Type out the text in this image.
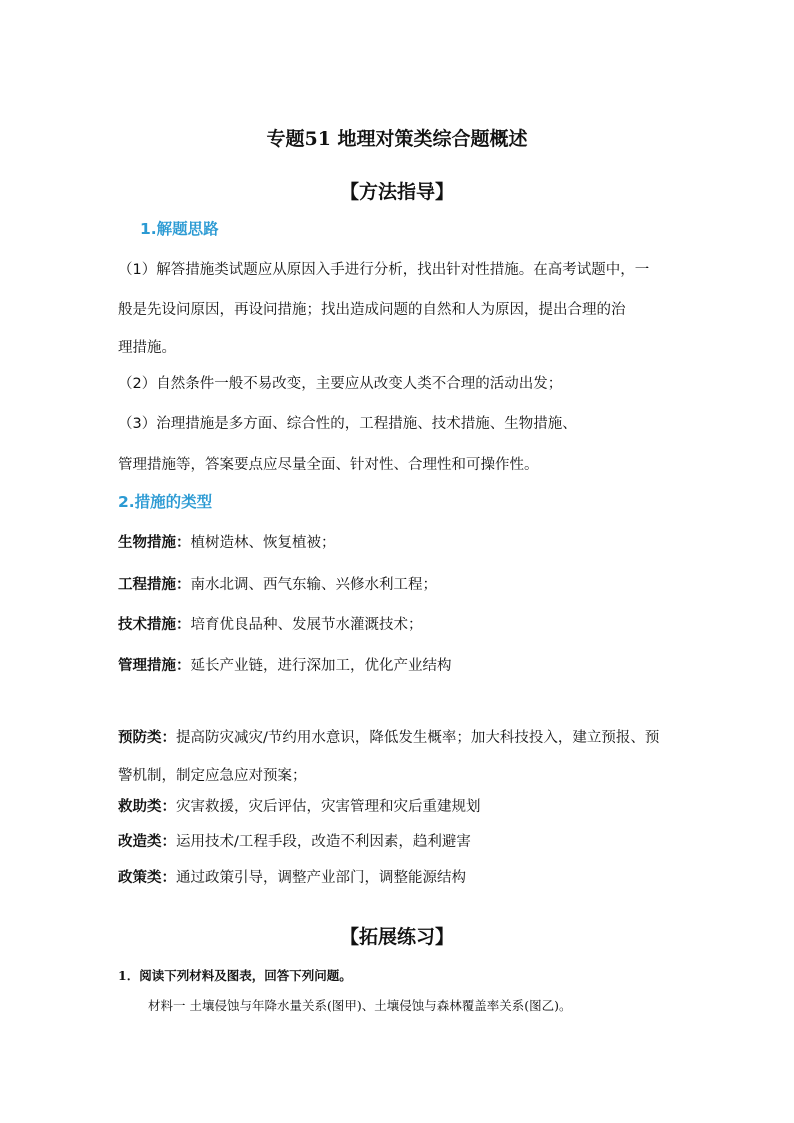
专题51 地理对策类综合题概述
【方法指导】
1.解题思路
（1）解答措施类试题应从原因入手进行分析，找出针对性措施。在高考试题中，一
般是先设问原因，再设问措施；找出造成问题的自然和人为原因，提出合理的治
理措施。
（2）自然条件一般不易改变，主要应从改变人类不合理的活动出发；
（3）治理措施是多方面、综合性的，工程措施、技术措施、生物措施、
管理措施等，答案要点应尽量全面、针对性、合理性和可操作性。
2.措施的类型
生物措施：植树造林、恢复植被；
工程措施：南水北调、西气东输、兴修水利工程；
技术措施：培育优良品种、发展节水灌溉技术；
管理措施：延长产业链，进行深加工，优化产业结构
预防类：提高防灾减灾/节约用水意识，降低发生概率；加大科技投入，建立预报、预
警机制，制定应急应对预案；
救助类：灾害救援，灾后评估，灾害管理和灾后重建规划
改造类：运用技术/工程手段，改造不利因素，趋利避害
政策类：通过政策引导，调整产业部门，调整能源结构
【拓展练习】
1．阅读下列材料及图表，回答下列问题。
材料一 土壤侵蚀与年降水量关系(图甲)、土壤侵蚀与森林覆盖率关系(图乙)。
